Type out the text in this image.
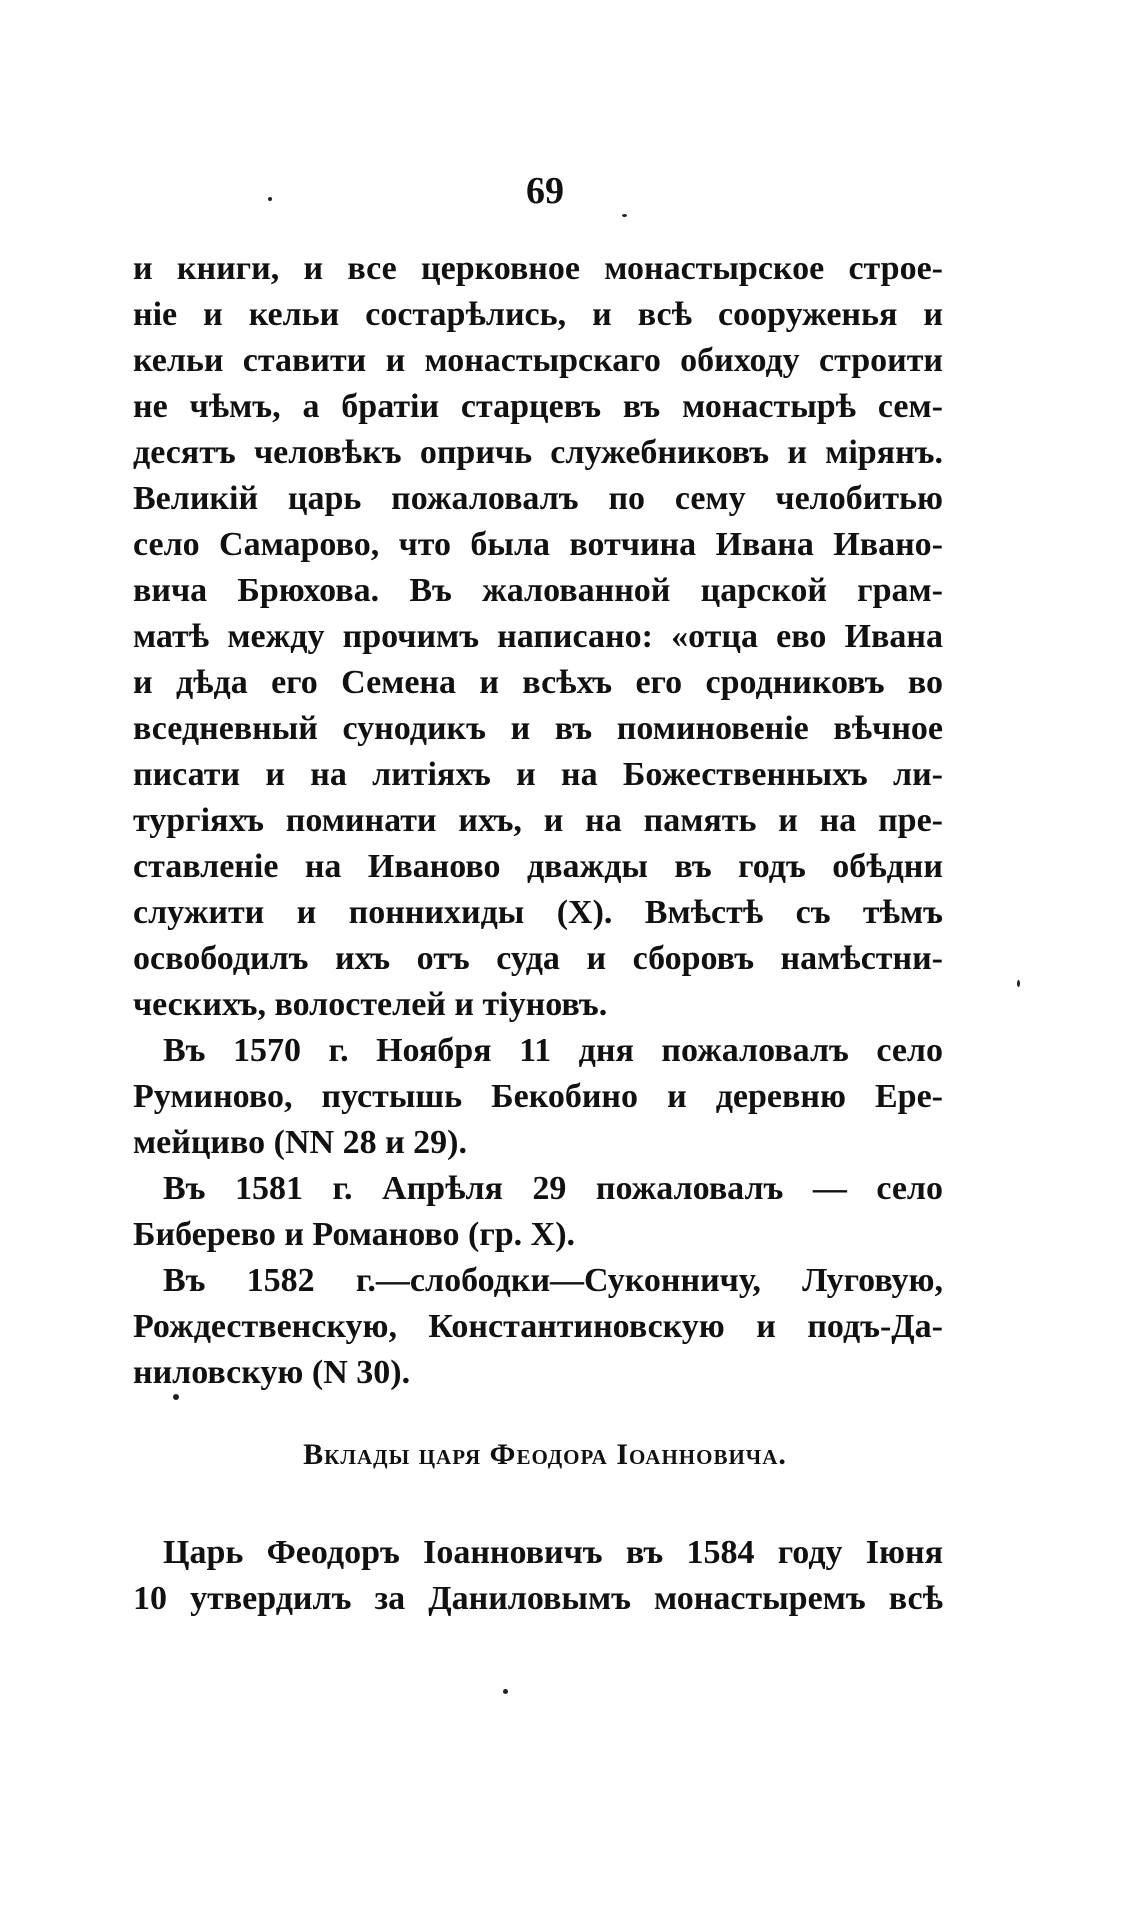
69
и книги, и все церковное монастырское строе-
нiе и кельи состарѣлись, и всѣ сооруженья и
кельи ставити и монастырскаго обиходу строити
не чѣмъ, а братiи старцевъ въ монастырѣ сем-
десятъ человѣкъ опричь служебниковъ и мiрянъ.
Великiй царь пожаловалъ по сему челобитью
село Самарово, что была вотчина Ивана Ивано-
вича Брюхова. Въ жалованной царской грам-
матѣ между прочимъ написано: «отца ево Ивана
и дѣда его Семена и всѣхъ его сродниковъ во
вседневный сунодикъ и въ поминовенiе вѣчное
писати и на литiяхъ и на Божественныхъ ли-
тургiяхъ поминати ихъ, и на память и на пре-
ставленiе на Иваново дважды въ годъ обѣдни
служити и поннихиды (X). Вмѣстѣ съ тѣмъ
освободилъ ихъ отъ суда и сборовъ намѣстни-
ческихъ, волостелей и тiуновъ.
Въ 1570 г. Ноября 11 дня пожаловалъ село
Руминово, пустышь Бекобино и деревню Ере-
мейциво (NN 28 и 29).
Въ 1581 г. Апрѣля 29 пожаловалъ — село
Биберево и Романово (гр. X).
Въ 1582 г.—слободки—Суконничу, Луговую,
Рождественскую, Константиновскую и подъ-Да-
ниловскую (N 30).
Вклады царя Феодора Iоанновича.
Царь Феодоръ Iоанновичъ въ 1584 году Iюня
10 утвердилъ за Даниловымъ монастыремъ всѣ
